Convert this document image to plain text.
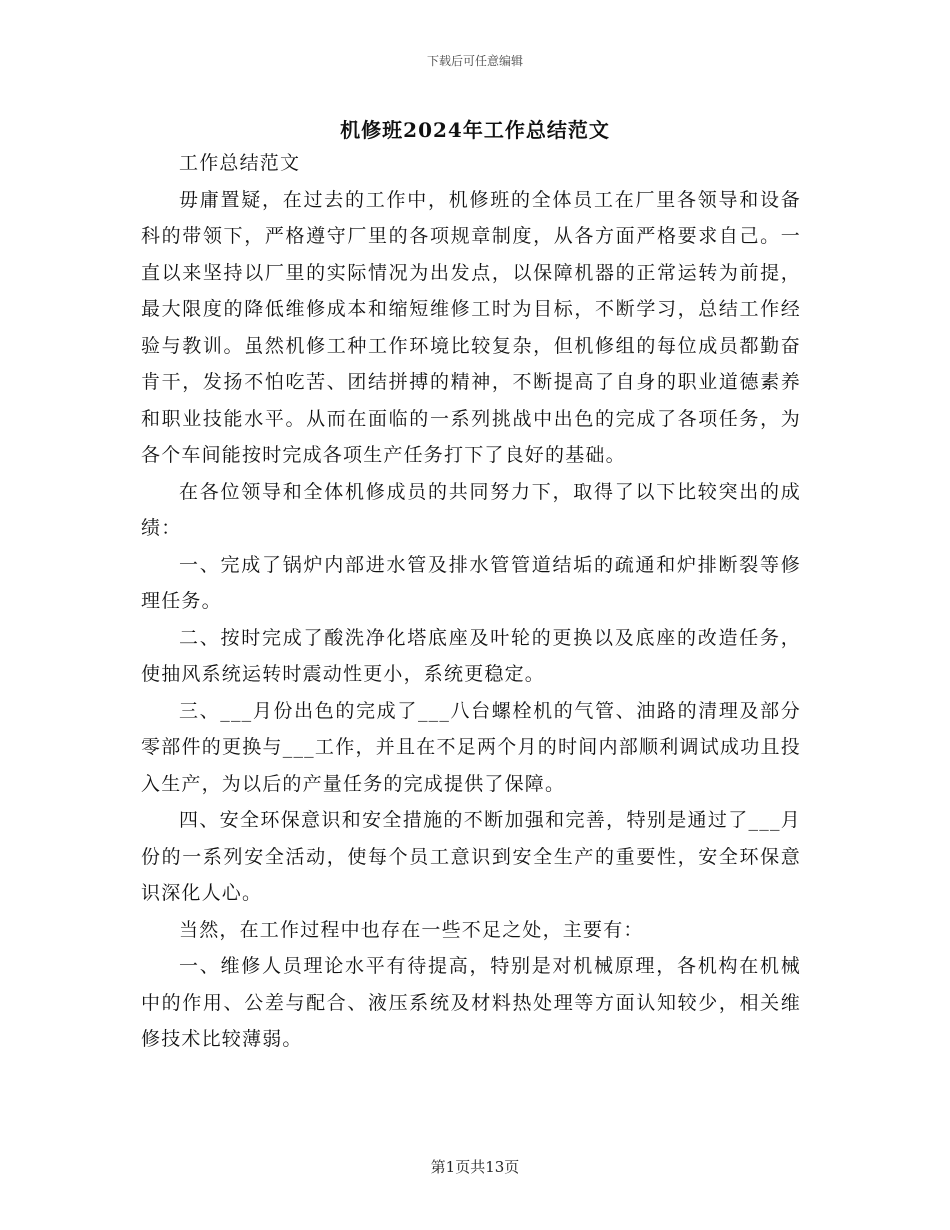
下载后可任意编辑
机修班2024年工作总结范文

工作总结范文

毋庸置疑，在过去的工作中，机修班的全体员工在厂里各领导和设备科的带领下，严格遵守厂里的各项规章制度，从各方面严格要求自己。一直以来坚持以厂里的实际情况为出发点，以保障机器的正常运转为前提，最大限度的降低维修成本和缩短维修工时为目标，不断学习，总结工作经验与教训。虽然机修工种工作环境比较复杂，但机修组的每位成员都勤奋肯干，发扬不怕吃苦、团结拼搏的精神，不断提高了自身的职业道德素养和职业技能水平。从而在面临的一系列挑战中出色的完成了各项任务，为各个车间能按时完成各项生产任务打下了良好的基础。

在各位领导和全体机修成员的共同努力下，取得了以下比较突出的成绩：

一、完成了锅炉内部进水管及排水管管道结垢的疏通和炉排断裂等修理任务。

二、按时完成了酸洗净化塔底座及叶轮的更换以及底座的改造任务，使抽风系统运转时震动性更小，系统更稳定。

三、___月份出色的完成了___八台螺栓机的气管、油路的清理及部分零部件的更换与___工作，并且在不足两个月的时间内部顺利调试成功且投入生产，为以后的产量任务的完成提供了保障。

四、安全环保意识和安全措施的不断加强和完善，特别是通过了___月份的一系列安全活动，使每个员工意识到安全生产的重要性，安全环保意识深化人心。

当然，在工作过程中也存在一些不足之处，主要有：

一、维修人员理论水平有待提高，特别是对机械原理，各机构在机械中的作用、公差与配合、液压系统及材料热处理等方面认知较少，相关维修技术比较薄弱。

第1页共13页
